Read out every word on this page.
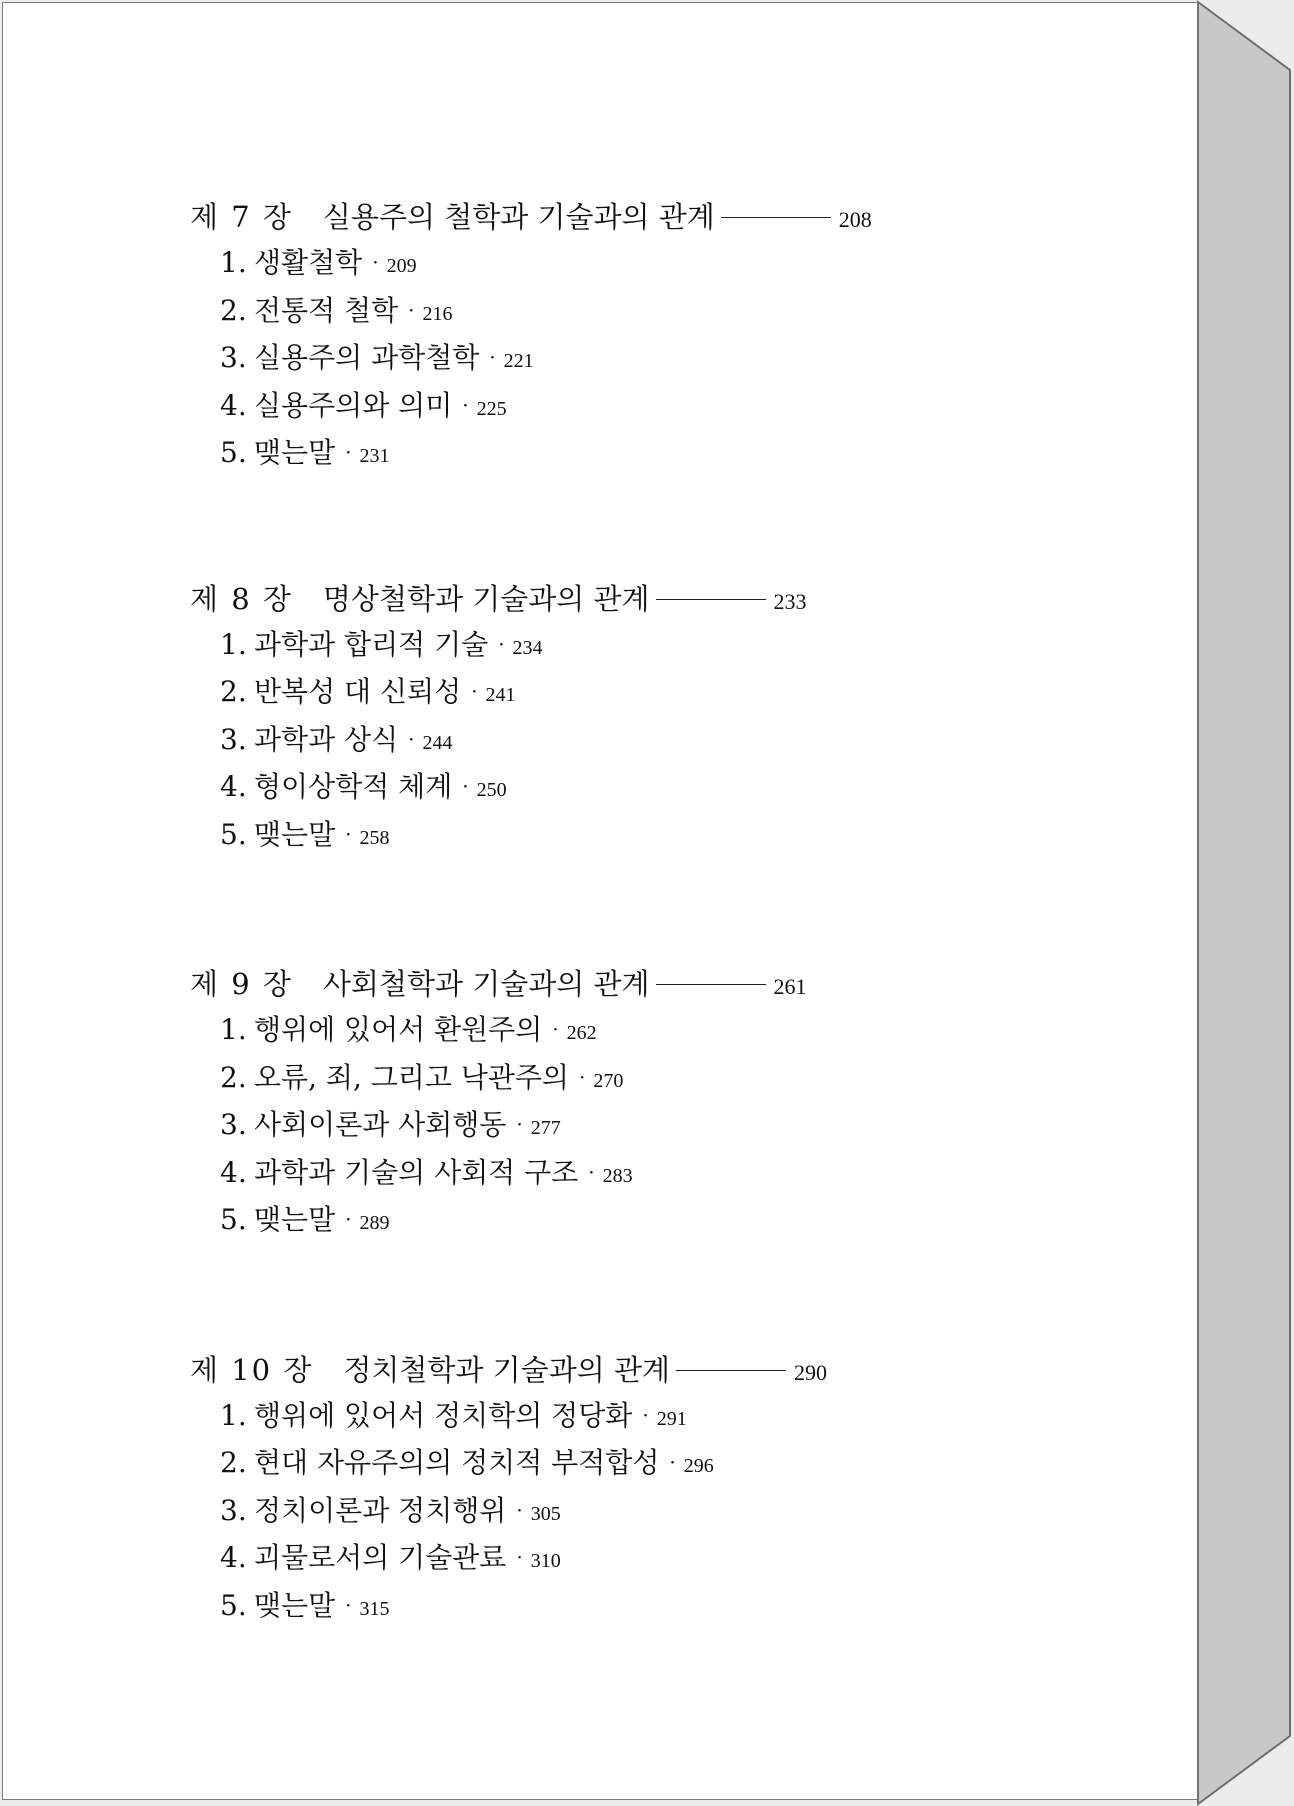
제 7 장 실용주의 철학과 기술과의 관계	208
1. 생활철학 · 209
2. 전통적 철학 · 216
3. 실용주의 과학철학 · 221
4. 실용주의와 의미 · 225
5. 맺는말 · 231
제 8 장 명상철학과 기술과의 관계	233
1. 과학과 합리적 기술 · 234
2. 반복성 대 신뢰성 · 241
3. 과학과 상식 · 244
4. 형이상학적 체계 · 250
5. 맺는말 · 258
제 9 장 사회철학과 기술과의 관계	261
1. 행위에 있어서 환원주의 · 262
2. 오류, 죄, 그리고 낙관주의 · 270
3. 사회이론과 사회행동 · 277
4. 과학과 기술의 사회적 구조 · 283
5. 맺는말 · 289
제 10 장 정치철학과 기술과의 관계	290
1. 행위에 있어서 정치학의 정당화 · 291
2. 현대 자유주의의 정치적 부적합성 · 296
3. 정치이론과 정치행위 · 305
4. 괴물로서의 기술관료 · 310
5. 맺는말 · 315
